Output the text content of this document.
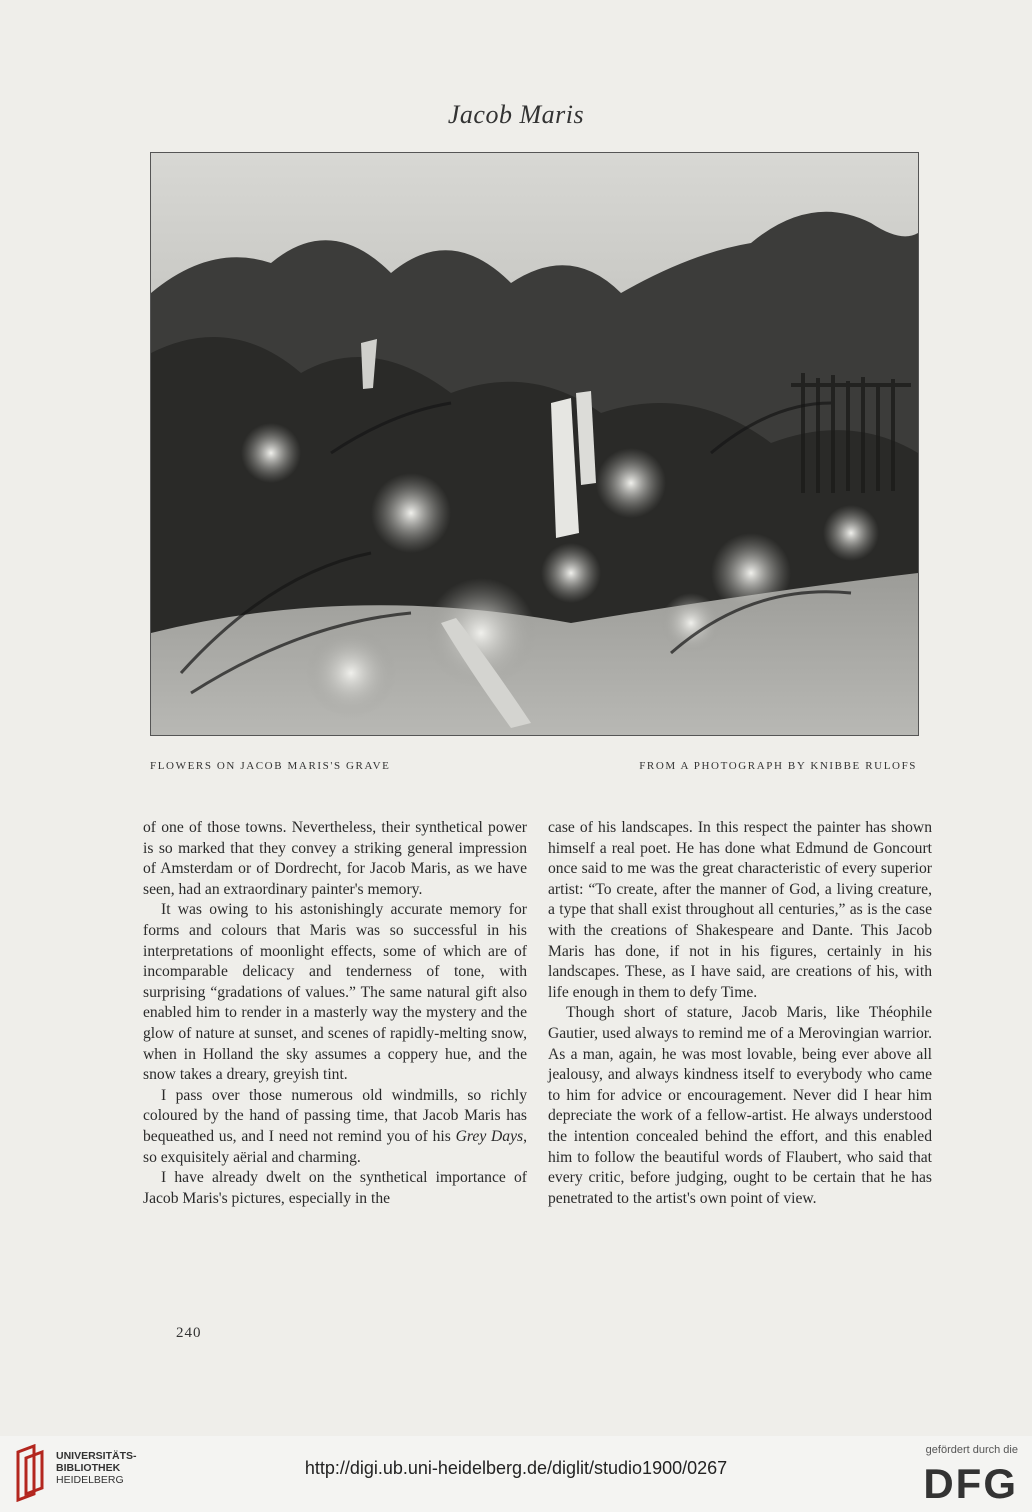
Jacob Maris
FLOWERS ON JACOB MARIS'S GRAVE	FROM A PHOTOGRAPH BY KNIBBE RULOFS

of one of those towns. Nevertheless, their synthetical power is so marked that they convey a striking general impression of Amsterdam or of Dordrecht, for Jacob Maris, as we have seen, had an extraordinary painter's memory.

It was owing to his astonishingly accurate memory for forms and colours that Maris was so successful in his interpretations of moonlight effects, some of which are of incomparable delicacy and tenderness of tone, with surprising “gradations of values.” The same natural gift also enabled him to render in a masterly way the mystery and the glow of nature at sunset, and scenes of rapidly-melting snow, when in Holland the sky assumes a coppery hue, and the snow takes a dreary, greyish tint.

I pass over those numerous old windmills, so richly coloured by the hand of passing time, that Jacob Maris has bequeathed us, and I need not remind you of his Grey Days, so exquisitely aërial and charming.

I have already dwelt on the synthetical importance of Jacob Maris's pictures, especially in the

case of his landscapes. In this respect the painter has shown himself a real poet. He has done what Edmund de Goncourt once said to me was the great characteristic of every superior artist: “To create, after the manner of God, a living creature, a type that shall exist throughout all centuries,” as is the case with the creations of Shakespeare and Dante. This Jacob Maris has done, if not in his figures, certainly in his landscapes. These, as I have said, are creations of his, with life enough in them to defy Time.

Though short of stature, Jacob Maris, like Théophile Gautier, used always to remind me of a Merovingian warrior. As a man, again, he was most lovable, being ever above all jealousy, and always kindness itself to everybody who came to him for advice or encouragement. Never did I hear him depreciate the work of a fellow-artist. He always understood the intention concealed behind the effort, and this enabled him to follow the beautiful words of Flaubert, who said that every critic, before judging, ought to be certain that he has penetrated to the artist's own point of view.

240
UNIVERSITÄTS-
BIBLIOTHEK
HEIDELBERG
http://digi.ub.uni-heidelberg.de/diglit/studio1900/0267
gefördert durch die
DFG
